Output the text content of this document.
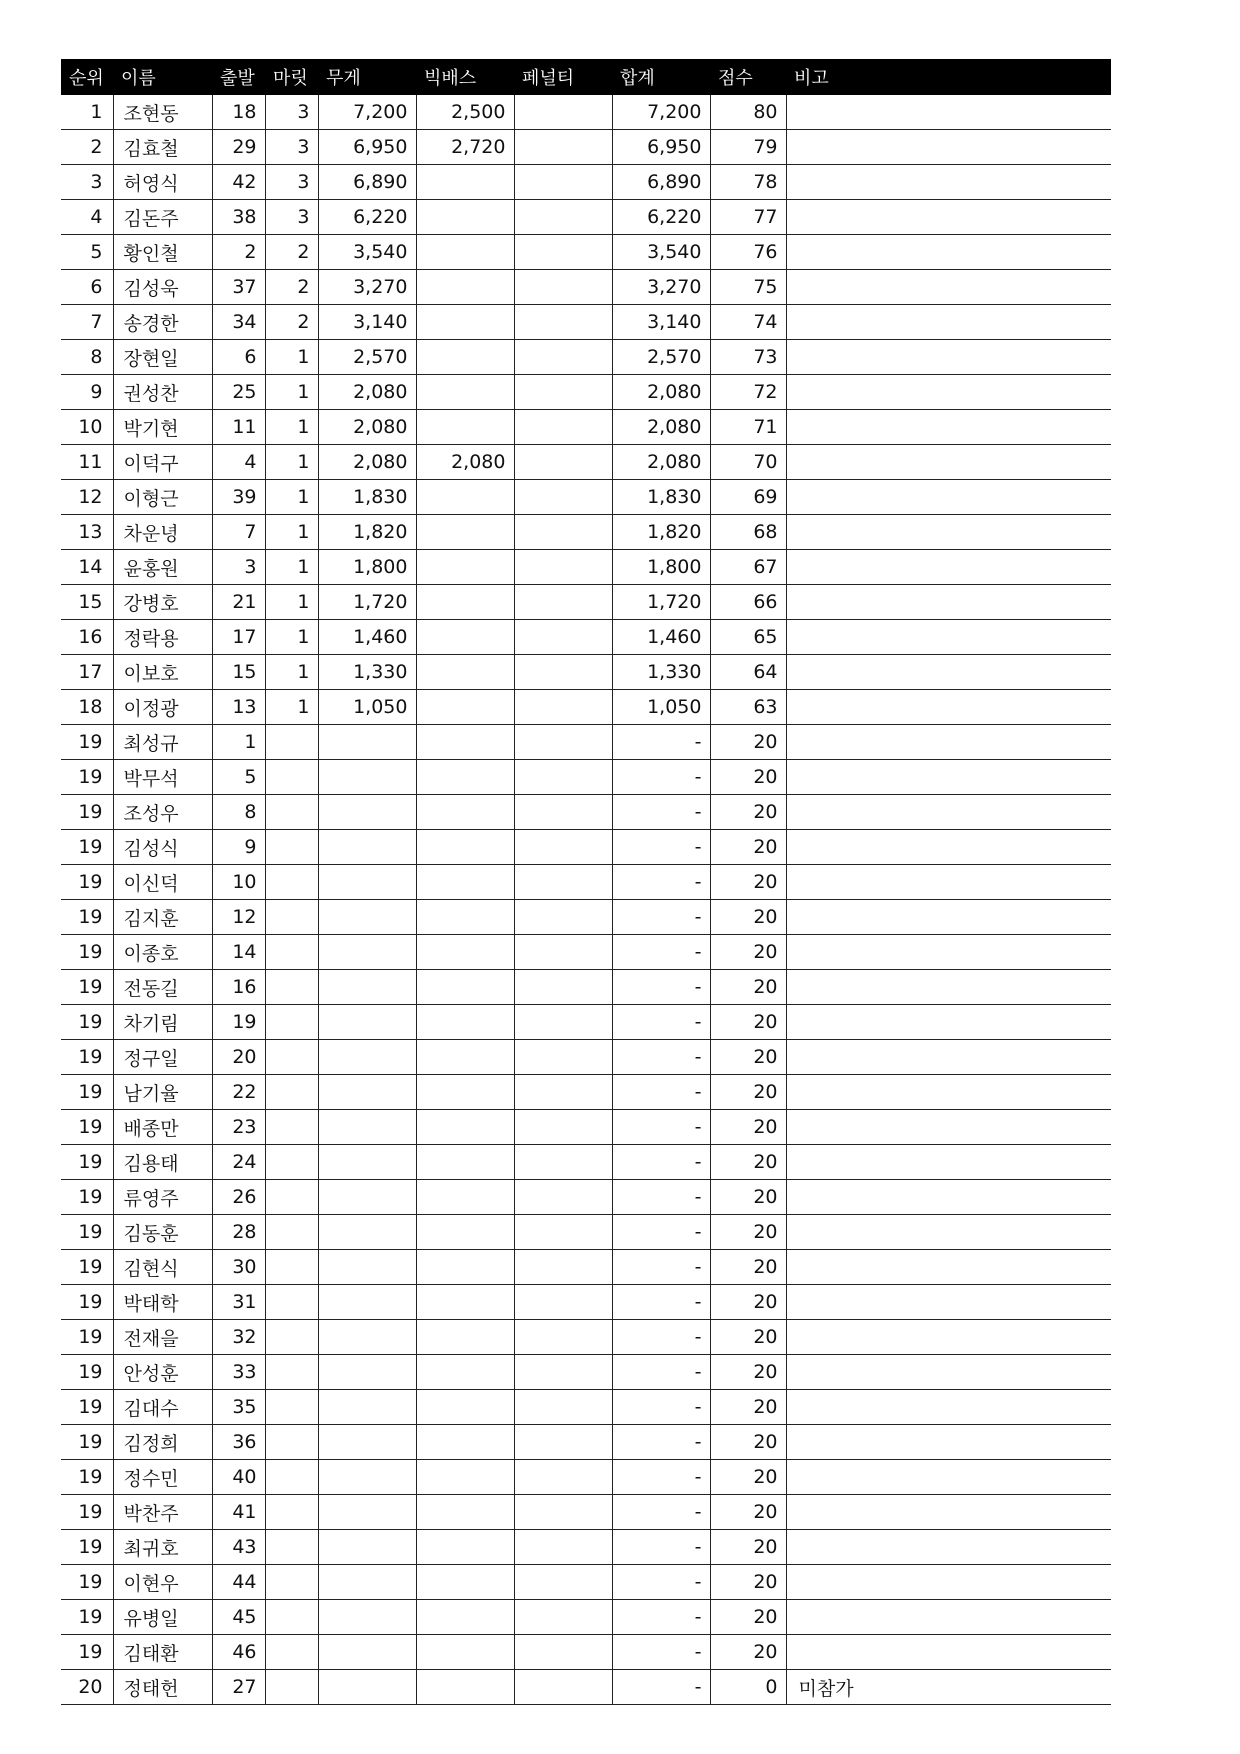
순위	이름	출발	마릿	무게	빅배스	페널티	합계	점수	비고
1	조현동	18	3	7,200	2,500		7,200	80	
2	김효철	29	3	6,950	2,720		6,950	79	
3	허영식	42	3	6,890			6,890	78	
4	김돈주	38	3	6,220			6,220	77	
5	황인철	2	2	3,540			3,540	76	
6	김성욱	37	2	3,270			3,270	75	
7	송경한	34	2	3,140			3,140	74	
8	장현일	6	1	2,570			2,570	73	
9	권성찬	25	1	2,080			2,080	72	
10	박기현	11	1	2,080			2,080	71	
11	이덕구	4	1	2,080	2,080		2,080	70	
12	이형근	39	1	1,830			1,830	69	
13	차운녕	7	1	1,820			1,820	68	
14	윤홍원	3	1	1,800			1,800	67	
15	강병호	21	1	1,720			1,720	66	
16	정락용	17	1	1,460			1,460	65	
17	이보호	15	1	1,330			1,330	64	
18	이정광	13	1	1,050			1,050	63	
19	최성규	1					-	20	
19	박무석	5					-	20	
19	조성우	8					-	20	
19	김성식	9					-	20	
19	이신덕	10					-	20	
19	김지훈	12					-	20	
19	이종호	14					-	20	
19	전동길	16					-	20	
19	차기림	19					-	20	
19	정구일	20					-	20	
19	남기율	22					-	20	
19	배종만	23					-	20	
19	김용태	24					-	20	
19	류영주	26					-	20	
19	김동훈	28					-	20	
19	김현식	30					-	20	
19	박태학	31					-	20	
19	전재을	32					-	20	
19	안성훈	33					-	20	
19	김대수	35					-	20	
19	김정희	36					-	20	
19	정수민	40					-	20	
19	박찬주	41					-	20	
19	최귀호	43					-	20	
19	이현우	44					-	20	
19	유병일	45					-	20	
19	김태환	46					-	20	
20	정태헌	27					-	0	미참가
